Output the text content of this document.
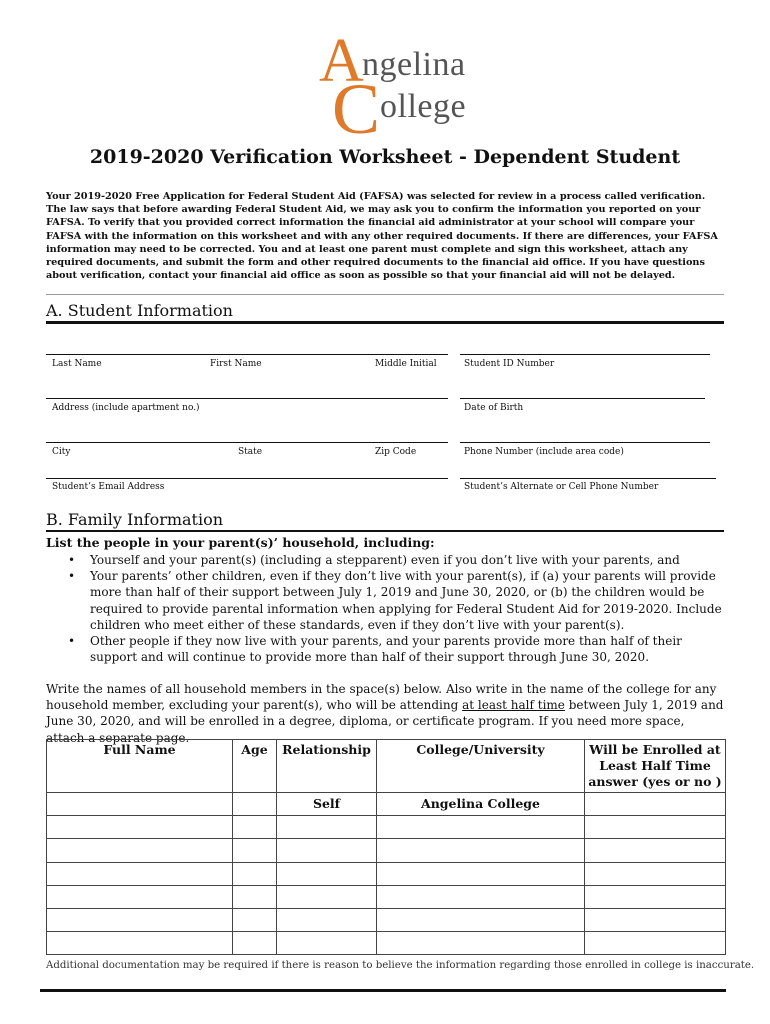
A
ngelina
C ollege
2019-2020 Verification Worksheet - Dependent Student
Your 2019-2020 Free Application for Federal Student Aid (FAFSA) was selected for review in a process called verification. The law says that before awarding Federal Student Aid, we may ask you to confirm the information you reported on your FAFSA. To verify that you provided correct information the financial aid administrator at your school will compare your FAFSA with the information on this worksheet and with any other required documents. If there are differences, your FAFSA information may need to be corrected. You and at least one parent must complete and sign this worksheet, attach any required documents, and submit the form and other required documents to the financial aid office. If you have questions about verification, contact your financial aid office as soon as possible so that your financial aid will not be delayed.
A. Student Information
Last Name	First Name	Middle Initial	Student ID Number
Address (include apartment no.)	Date of Birth
City	State	Zip Code	Phone Number (include area code)
Student’s Email Address	Student’s Alternate or Cell Phone Number
B. Family Information
List the people in your parent(s)’ household, including:
• Yourself and your parent(s) (including a stepparent) even if you don’t live with your parents, and
• Your parents’ other children, even if they don’t live with your parent(s), if (a) your parents will provide more than half of their support between July 1, 2019 and June 30, 2020, or (b) the children would be required to provide parental information when applying for Federal Student Aid for 2019-2020. Include children who meet either of these standards, even if they don’t live with your parent(s).
• Other people if they now live with your parents, and your parents provide more than half of their support and will continue to provide more than half of their support through June 30, 2020.
Write the names of all household members in the space(s) below. Also write in the name of the college for any household member, excluding your parent(s), who will be attending at least half time between July 1, 2019 and June 30, 2020, and will be enrolled in a degree, diploma, or certificate program. If you need more space, attach a separate page.
Full Name	Age	Relationship	College/University	Will be Enrolled at Least Half Time answer (yes or no )
		Self	Angelina College	

Additional documentation may be required if there is reason to believe the information regarding those enrolled in college is inaccurate.
